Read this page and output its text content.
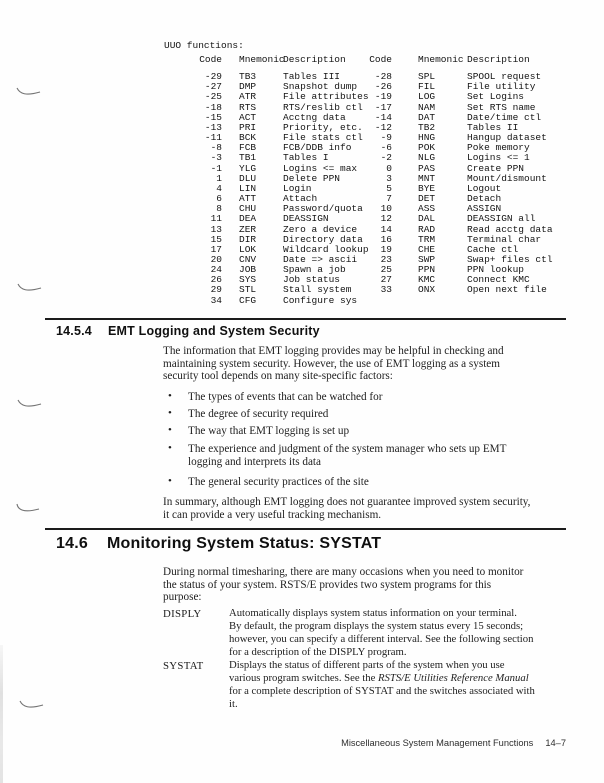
UUO functions:
Code	Mnemonic	Description	Code	Mnemonic	Description
-29	TB3	Tables III	-28	SPL	SPOOL request
-27	DMP	Snapshot dump	-26	FIL	File utility
-25	ATR	File attributes	-19	LOG	Set Logins
-18	RTS	RTS/reslib ctl	-17	NAM	Set RTS name
-15	ACT	Acctng data	-14	DAT	Date/time ctl
-13	PRI	Priority, etc.	-12	TB2	Tables II
-11	BCK	File stats ctl	-9	HNG	Hangup dataset
-8	FCB	FCB/DDB info	-6	POK	Poke memory
-3	TB1	Tables I	-2	NLG	Logins <= 1
-1	YLG	Logins <= max	0	PAS	Create PPN
1	DLU	Delete PPN	3	MNT	Mount/dismount
4	LIN	Login	5	BYE	Logout
6	ATT	Attach	7	DET	Detach
8	CHU	Password/quota	10	ASS	ASSIGN
11	DEA	DEASSIGN	12	DAL	DEASSIGN all
13	ZER	Zero a device	14	RAD	Read acctg data
15	DIR	Directory data	16	TRM	Terminal char
17	LOK	Wildcard lookup	19	CHE	Cache ctl
20	CNV	Date => ascii	23	SWP	Swap+ files ctl
24	JOB	Spawn a job	25	PPN	PPN lookup
26	SYS	Job status	27	KMC	Connect KMC
29	STL	Stall system	33	ONX	Open next file
34	CFG	Configure sys			
14.5.4	EMT Logging and System Security
The information that EMT logging provides may be helpful in checking and
maintaining system security. However, the use of EMT logging as a system
security tool depends on many site-specific factors:
• The types of events that can be watched for
• The degree of security required
• The way that EMT logging is set up
• The experience and judgment of the system manager who sets up EMT
logging and interprets its data
• The general security practices of the site
In summary, although EMT logging does not guarantee improved system security,
it can provide a very useful tracking mechanism.
14.6	Monitoring System Status: SYSTAT
During normal timesharing, there are many occasions when you need to monitor
the status of your system. RSTS/E provides two system programs for this
purpose:
DISPLY	Automatically displays system status information on your terminal.
By default, the program displays the system status every 15 seconds;
however, you can specify a different interval. See the following section
for a description of the DISPLY program.
SYSTAT Displays the status of different parts of the system when you use
various program switches. See the RSTS/E Utilities Reference Manual
for a complete description of SYSTAT and the switches associated with
it.
Miscellaneous System Management Functions 14–7
